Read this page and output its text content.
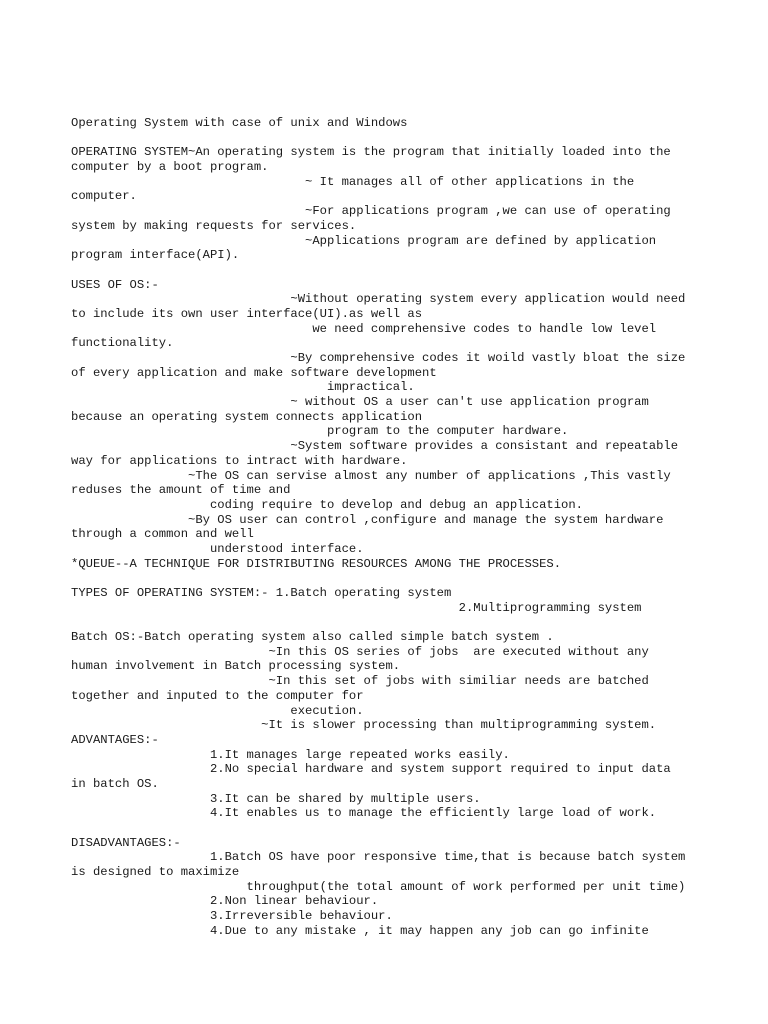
Operating System with case of unix and Windows

OPERATING SYSTEM~An operating system is the program that initially loaded into the

computer by a boot program.

~ It manages all of other applications in the

computer.

~For applications program ,we can use of operating

system by making requests for services.

~Applications program are defined by application

program interface(API).

USES OF OS:-

~Without operating system every application would need

to include its own user interface(UI).as well as

we need comprehensive codes to handle low level

functionality.

~By comprehensive codes it woild vastly bloat the size

of every application and make software development

impractical.

~ without OS a user can't use application program

because an operating system connects application

program to the computer hardware.

~System software provides a consistant and repeatable

way for applications to intract with hardware.

~The OS can servise almost any number of applications ,This vastly

reduses the amount of time and

coding require to develop and debug an application.

~By OS user can control ,configure and manage the system hardware

through a common and well

understood interface.

*QUEUE--A TECHNIQUE FOR DISTRIBUTING RESOURCES AMONG THE PROCESSES.

TYPES OF OPERATING SYSTEM:- 1.Batch operating system

2.Multiprogramming system

Batch OS:-Batch operating system also called simple batch system .

~In this OS series of jobs  are executed without any

human involvement in Batch processing system.

~In this set of jobs with similiar needs are batched

together and inputed to the computer for

execution.

~It is slower processing than multiprogramming system.

ADVANTAGES:-

1.It manages large repeated works easily.

2.No special hardware and system support required to input data

in batch OS.

3.It can be shared by multiple users.

4.It enables us to manage the efficiently large load of work.

DISADVANTAGES:-

1.Batch OS have poor responsive time,that is because batch system

is designed to maximize

throughput(the total amount of work performed per unit time)

2.Non linear behaviour.

3.Irreversible behaviour.

4.Due to any mistake , it may happen any job can go infinite
